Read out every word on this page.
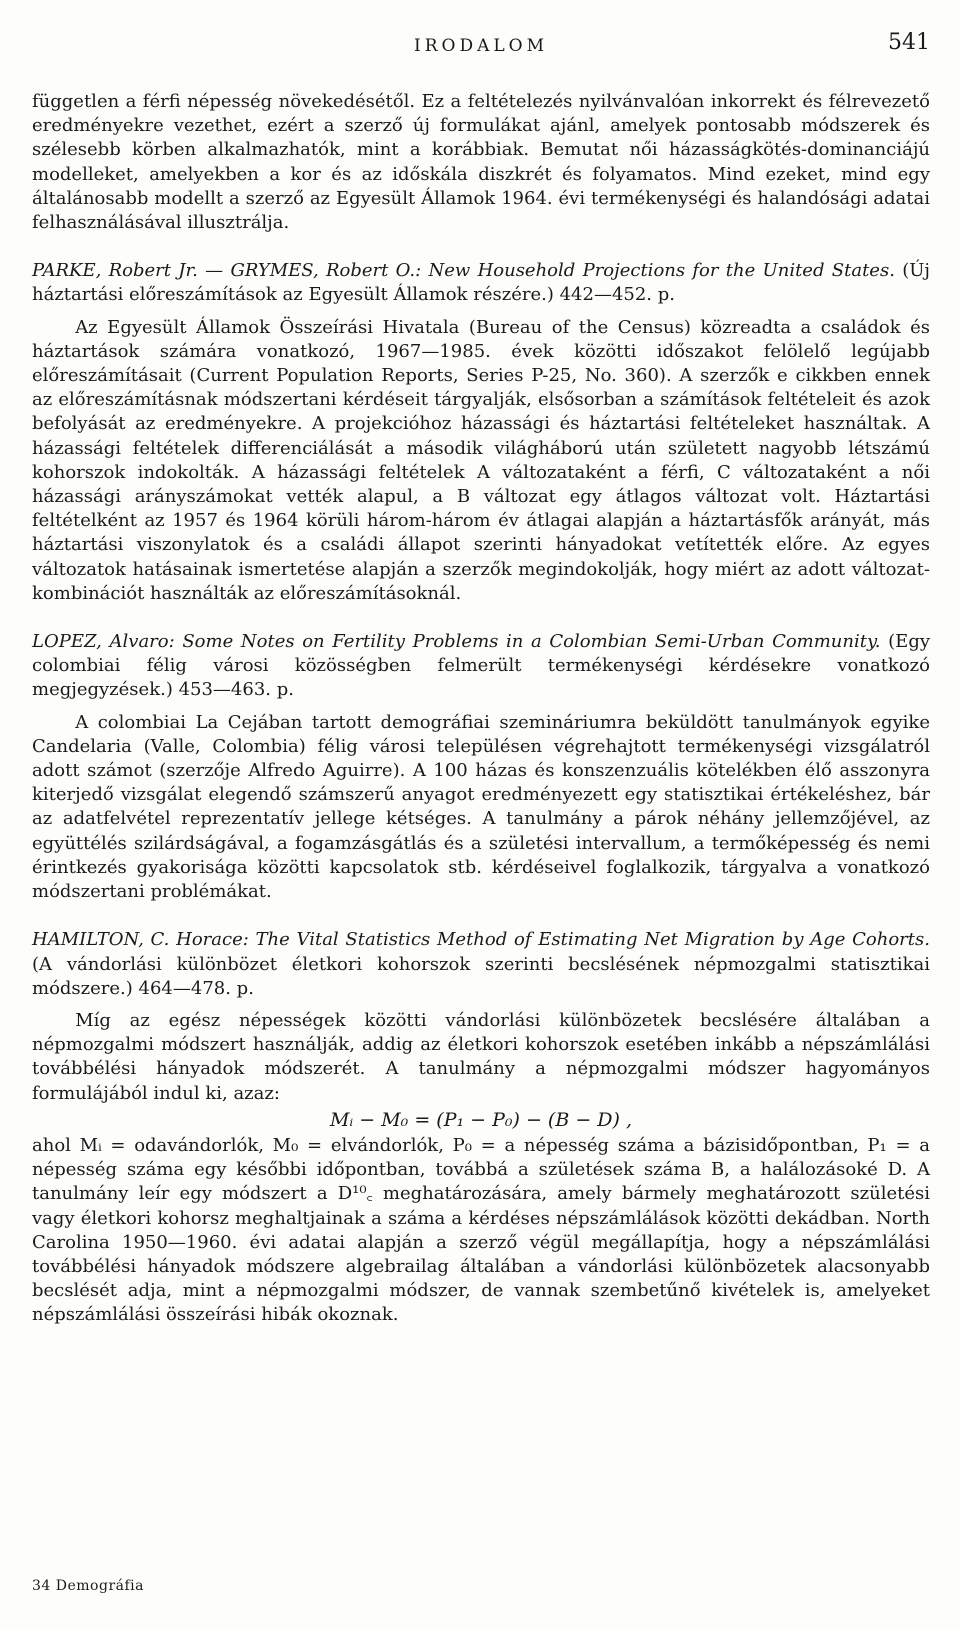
IRODALOM	541

független a férfi népesség növekedésétől. Ez a feltételezés nyilvánvalóan inkorrekt és félrevezető eredményekre vezethet, ezért a szerző új formulákat ajánl, amelyek pontosabb módszerek és szélesebb körben alkalmazhatók, mint a korábbiak. Bemutat női házasságkötés-dominanciájú modelleket, amelyekben a kor és az időskála diszkrét és folyamatos. Mind ezeket, mind egy általánosabb modellt a szerző az Egyesült Államok 1964. évi termékenységi és halandósági adatai felhasználásával illusztrálja.

PARKE, Robert Jr. — GRYMES, Robert O.: New Household Projections for the United States. (Új háztartási előreszámítások az Egyesült Államok részére.) 442—452. p.

Az Egyesült Államok Összeírási Hivatala (Bureau of the Census) közreadta a családok és háztartások számára vonatkozó, 1967—1985. évek közötti időszakot felölelő legújabb előreszámításait (Current Population Reports, Series P-25, No. 360). A szerzők e cikkben ennek az előreszámításnak módszertani kérdéseit tárgyalják, elsősorban a számítások feltételeit és azok befolyását az eredményekre. A projekcióhoz házassági és háztartási feltételeket használtak. A házassági feltételek differenciálását a második világháború után született nagyobb létszámú kohorszok indokolták. A házassági feltételek A változataként a férfi, C változataként a női házassági arányszámokat vették alapul, a B változat egy átlagos változat volt. Háztartási feltételként az 1957 és 1964 körüli három-három év átlagai alapján a háztartásfők arányát, más háztartási viszonylatok és a családi állapot szerinti hányadokat vetítették előre. Az egyes változatok hatásainak ismertetése alapján a szerzők megindokolják, hogy miért az adott változat-kombinációt használták az előreszámításoknál.

LOPEZ, Alvaro: Some Notes on Fertility Problems in a Colombian Semi-Urban Community. (Egy colombiai félig városi közösségben felmerült termékenységi kérdésekre vonatkozó megjegyzések.) 453—463. p.

A colombiai La Cejában tartott demográfiai szemináriumra beküldött tanulmányok egyike Candelaria (Valle, Colombia) félig városi településen végrehajtott termékenységi vizsgálatról adott számot (szerzője Alfredo Aguirre). A 100 házas és konszenzuális kötelékben élő asszonyra kiterjedő vizsgálat elegendő számszerű anyagot eredményezett egy statisztikai értékeléshez, bár az adatfelvétel reprezentatív jellege kétséges. A tanulmány a párok néhány jellemzőjével, az együttélés szilárdságával, a fogamzásgátlás és a születési intervallum, a termőképesség és nemi érintkezés gyakorisága közötti kapcsolatok stb. kérdéseivel foglalkozik, tárgyalva a vonatkozó módszertani problémákat.

HAMILTON, C. Horace: The Vital Statistics Method of Estimating Net Migration by Age Cohorts. (A vándorlási különbözet életkori kohorszok szerinti becslésének népmozgalmi statisztikai módszere.) 464—478. p.

Míg az egész népességek közötti vándorlási különbözetek becslésére általában a népmozgalmi módszert használják, addig az életkori kohorszok esetében inkább a népszámlálási továbbélési hányadok módszerét. A tanulmány a népmozgalmi módszer hagyományos formulájából indul ki, azaz:

Mᵢ − M₀ = (P₁ − P₀) − (B − D) ,

ahol Mᵢ = odavándorlók, M₀ = elvándorlók, P₀ = a népesség száma a bázisidőpontban, P₁ = a népesség száma egy későbbi időpontban, továbbá a születések száma B, a halálozásoké D. A tanulmány leír egy módszert a D¹⁰꜀ meghatározására, amely bármely meghatározott születési vagy életkori kohorsz meghaltjainak a száma a kérdéses népszámlálások közötti dekádban. North Carolina 1950—1960. évi adatai alapján a szerző végül megállapítja, hogy a népszámlálási továbbélési hányadok módszere algebrailag általában a vándorlási különbözetek alacsonyabb becslését adja, mint a népmozgalmi módszer, de vannak szembetűnő kivételek is, amelyeket népszámlálási összeírási hibák okoznak.

34 Demográfia
